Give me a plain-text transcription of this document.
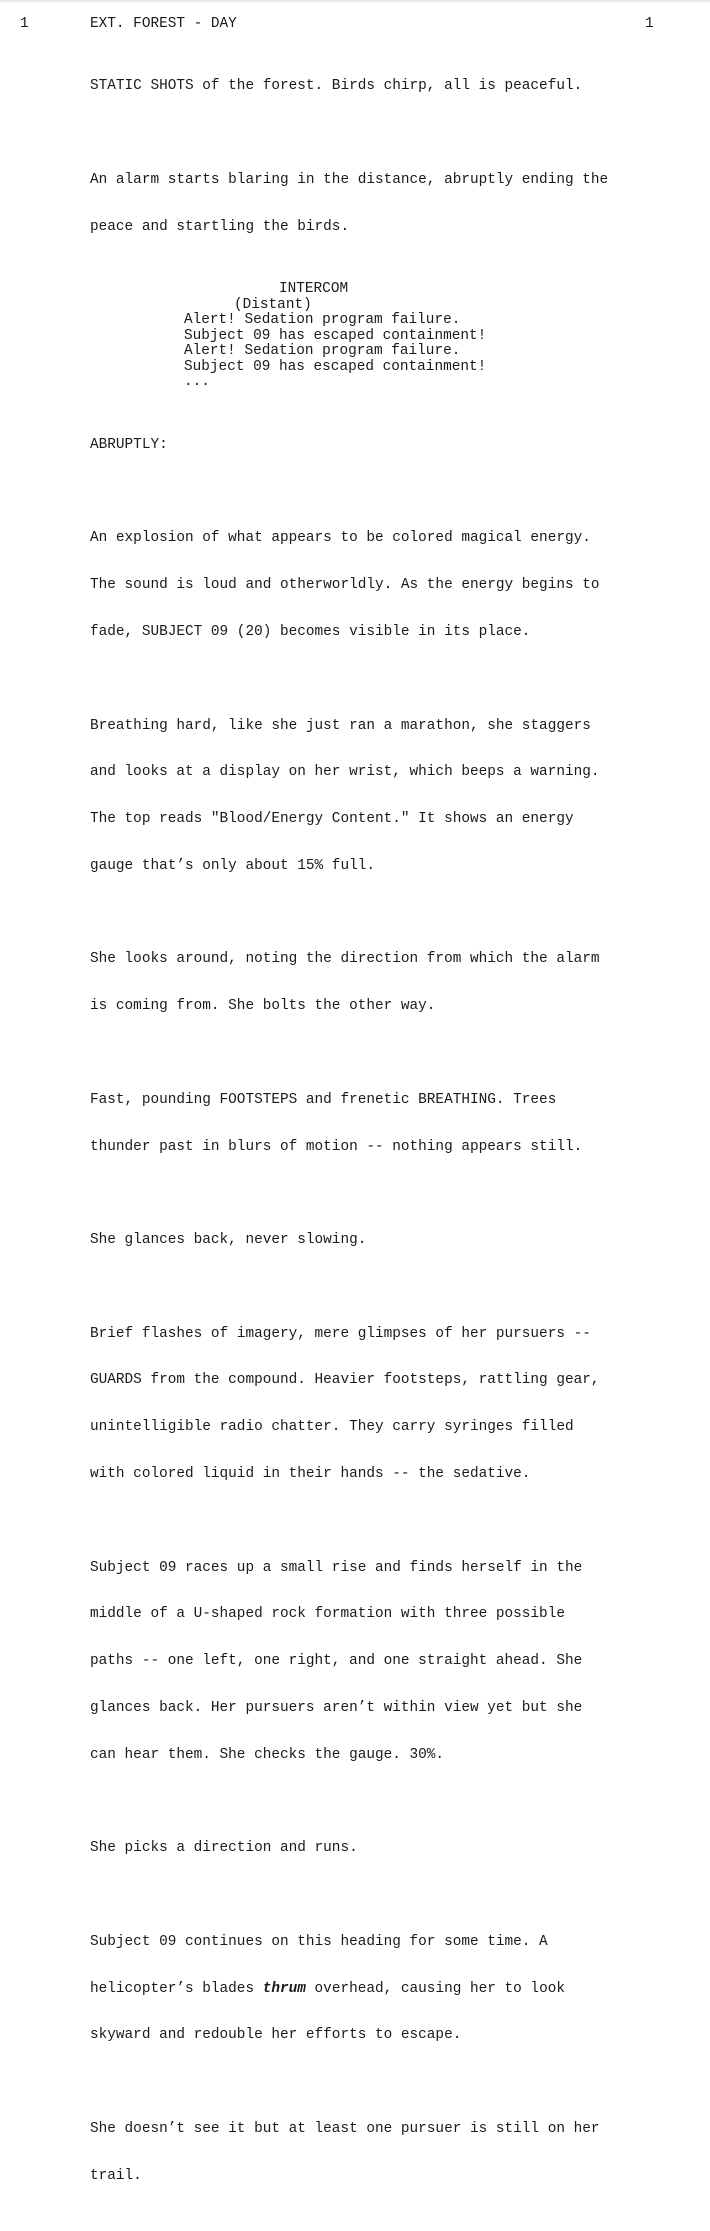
1	EXT. FOREST - DAY	1

STATIC SHOTS of the forest. Birds chirp, all is peaceful.

An alarm starts blaring in the distance, abruptly ending the

peace and startling the birds.

INTERCOM
(Distant)
Alert! Sedation program failure.
Subject 09 has escaped containment!
Alert! Sedation program failure.
Subject 09 has escaped containment!
...

ABRUPTLY:

An explosion of what appears to be colored magical energy.

The sound is loud and otherworldly. As the energy begins to

fade, SUBJECT 09 (20) becomes visible in its place.

Breathing hard, like she just ran a marathon, she staggers

and looks at a display on her wrist, which beeps a warning.

The top reads "Blood/Energy Content." It shows an energy

gauge that’s only about 15% full.

She looks around, noting the direction from which the alarm

is coming from. She bolts the other way.

Fast, pounding FOOTSTEPS and frenetic BREATHING. Trees

thunder past in blurs of motion -- nothing appears still.

She glances back, never slowing.

Brief flashes of imagery, mere glimpses of her pursuers --

GUARDS from the compound. Heavier footsteps, rattling gear,

unintelligible radio chatter. They carry syringes filled

with colored liquid in their hands -- the sedative.

Subject 09 races up a small rise and finds herself in the

middle of a U-shaped rock formation with three possible

paths -- one left, one right, and one straight ahead. She

glances back. Her pursuers aren’t within view yet but she

can hear them. She checks the gauge. 30%.

She picks a direction and runs.

Subject 09 continues on this heading for some time. A

helicopter’s blades thrum overhead, causing her to look

skyward and redouble her efforts to escape.

She doesn’t see it but at least one pursuer is still on her

trail.
